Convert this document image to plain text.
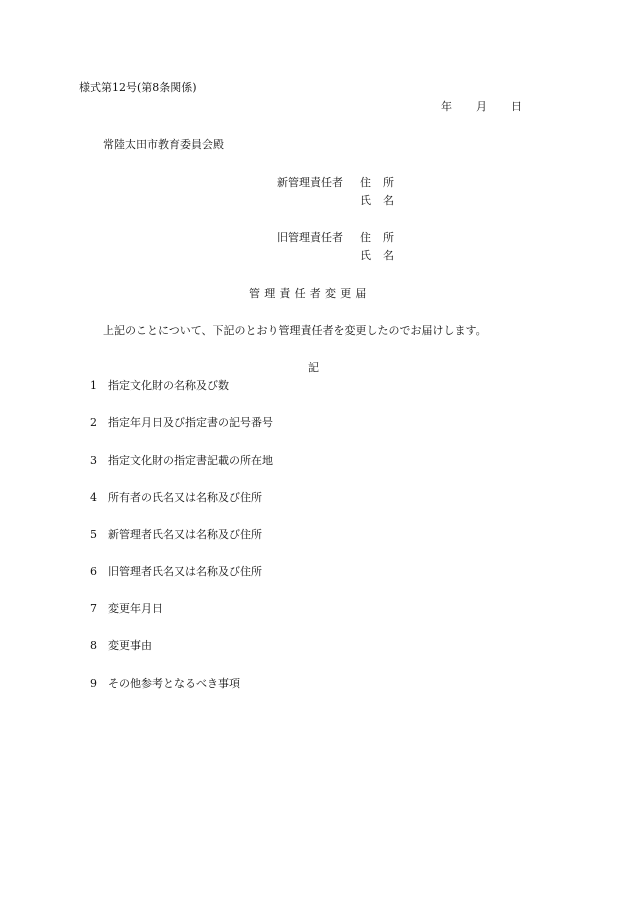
様式第12号(第8条関係)
年 月 日
常陸太田市教育委員会殿
新管理責任者 住 所
氏 名
旧管理責任者 住 所
氏 名
管理責任者変更届
上記のことについて、下記のとおり管理責任者を変更したのでお届けします。
記
1 指定文化財の名称及び数
2 指定年月日及び指定書の記号番号
3 指定文化財の指定書記載の所在地
4 所有者の氏名又は名称及び住所
5 新管理者氏名又は名称及び住所
6 旧管理者氏名又は名称及び住所
7 変更年月日
8 変更事由
9 その他参考となるべき事項
